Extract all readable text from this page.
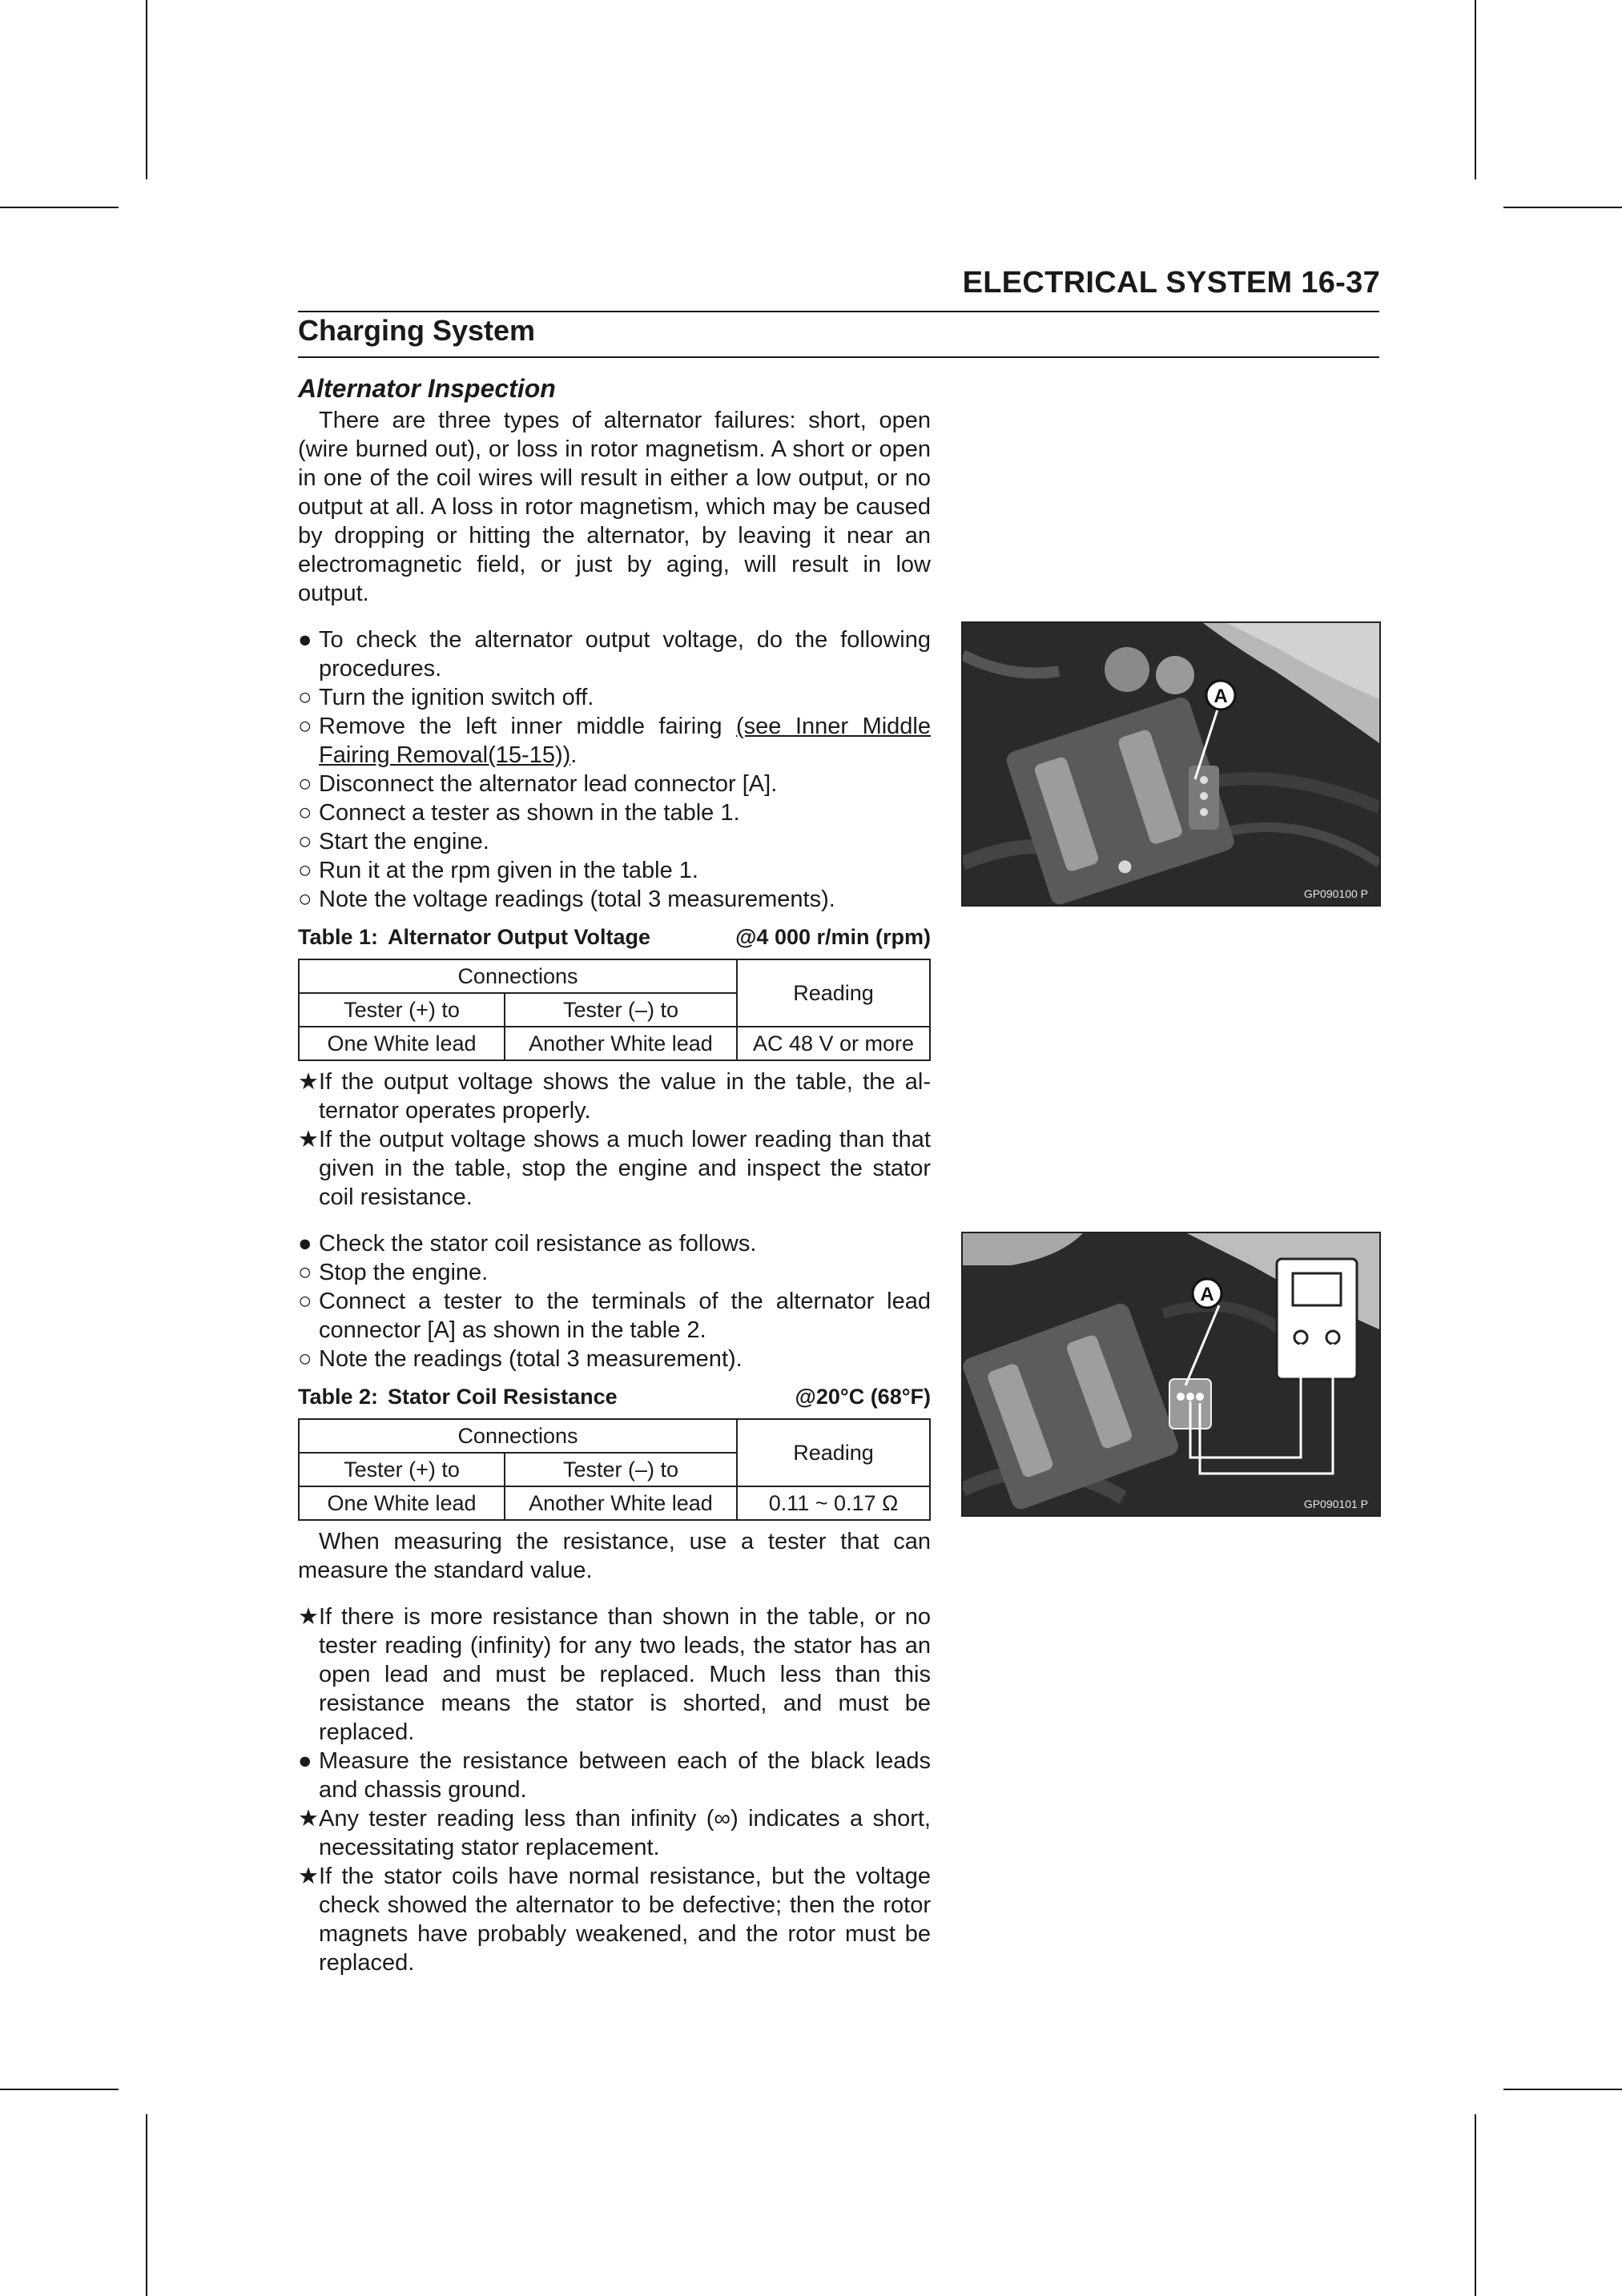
ELECTRICAL SYSTEM 16-37
Charging System
Alternator Inspection
There are three types of alternator failures: short, open (wire burned out), or loss in rotor magnetism. A short or open in one of the coil wires will result in either a low output, or no output at all. A loss in rotor magnetism, which may be caused by dropping or hitting the alternator, by leaving it near an electromagnetic field, or just by aging, will result in low output.
● To check the alternator output voltage, do the following procedures.
○ Turn the ignition switch off.
○ Remove the left inner middle fairing (see Inner Middle Fairing Removal(15-15)).
○ Disconnect the alternator lead connector [A].
○ Connect a tester as shown in the table 1.
○ Start the engine.
○ Run it at the rpm given in the table 1.
○ Note the voltage readings (total 3 measurements).
Table 1: Alternator Output Voltage	@4 000 r/min (rpm)
Connections		Reading
Tester (+) to	Tester (–) to	
One White lead	Another White lead	AC 48 V or more
★ If the output voltage shows the value in the table, the al- ternator operates properly.
★ If the output voltage shows a much lower reading than that given in the table, stop the engine and inspect the stator coil resistance.
● Check the stator coil resistance as follows.
○ Stop the engine.
○ Connect a tester to the terminals of the alternator lead connector [A] as shown in the table 2.
○ Note the readings (total 3 measurement).
Table 2: Stator Coil Resistance	@20°C (68°F)
Connections		Reading
Tester (+) to	Tester (–) to	
One White lead	Another White lead	0.11 ~ 0.17 Ω
When measuring the resistance, use a tester that can measure the standard value.
★ If there is more resistance than shown in the table, or no tester reading (infinity) for any two leads, the stator has an open lead and must be replaced. Much less than this resistance means the stator is shorted, and must be replaced.
● Measure the resistance between each of the black leads and chassis ground.
★ Any tester reading less than infinity (∞) indicates a short, necessitating stator replacement.
★ If the stator coils have normal resistance, but the voltage check showed the alternator to be defective; then the rotor magnets have probably weakened, and the rotor must be replaced.
A
GP090100 P
A
GP090101 P
